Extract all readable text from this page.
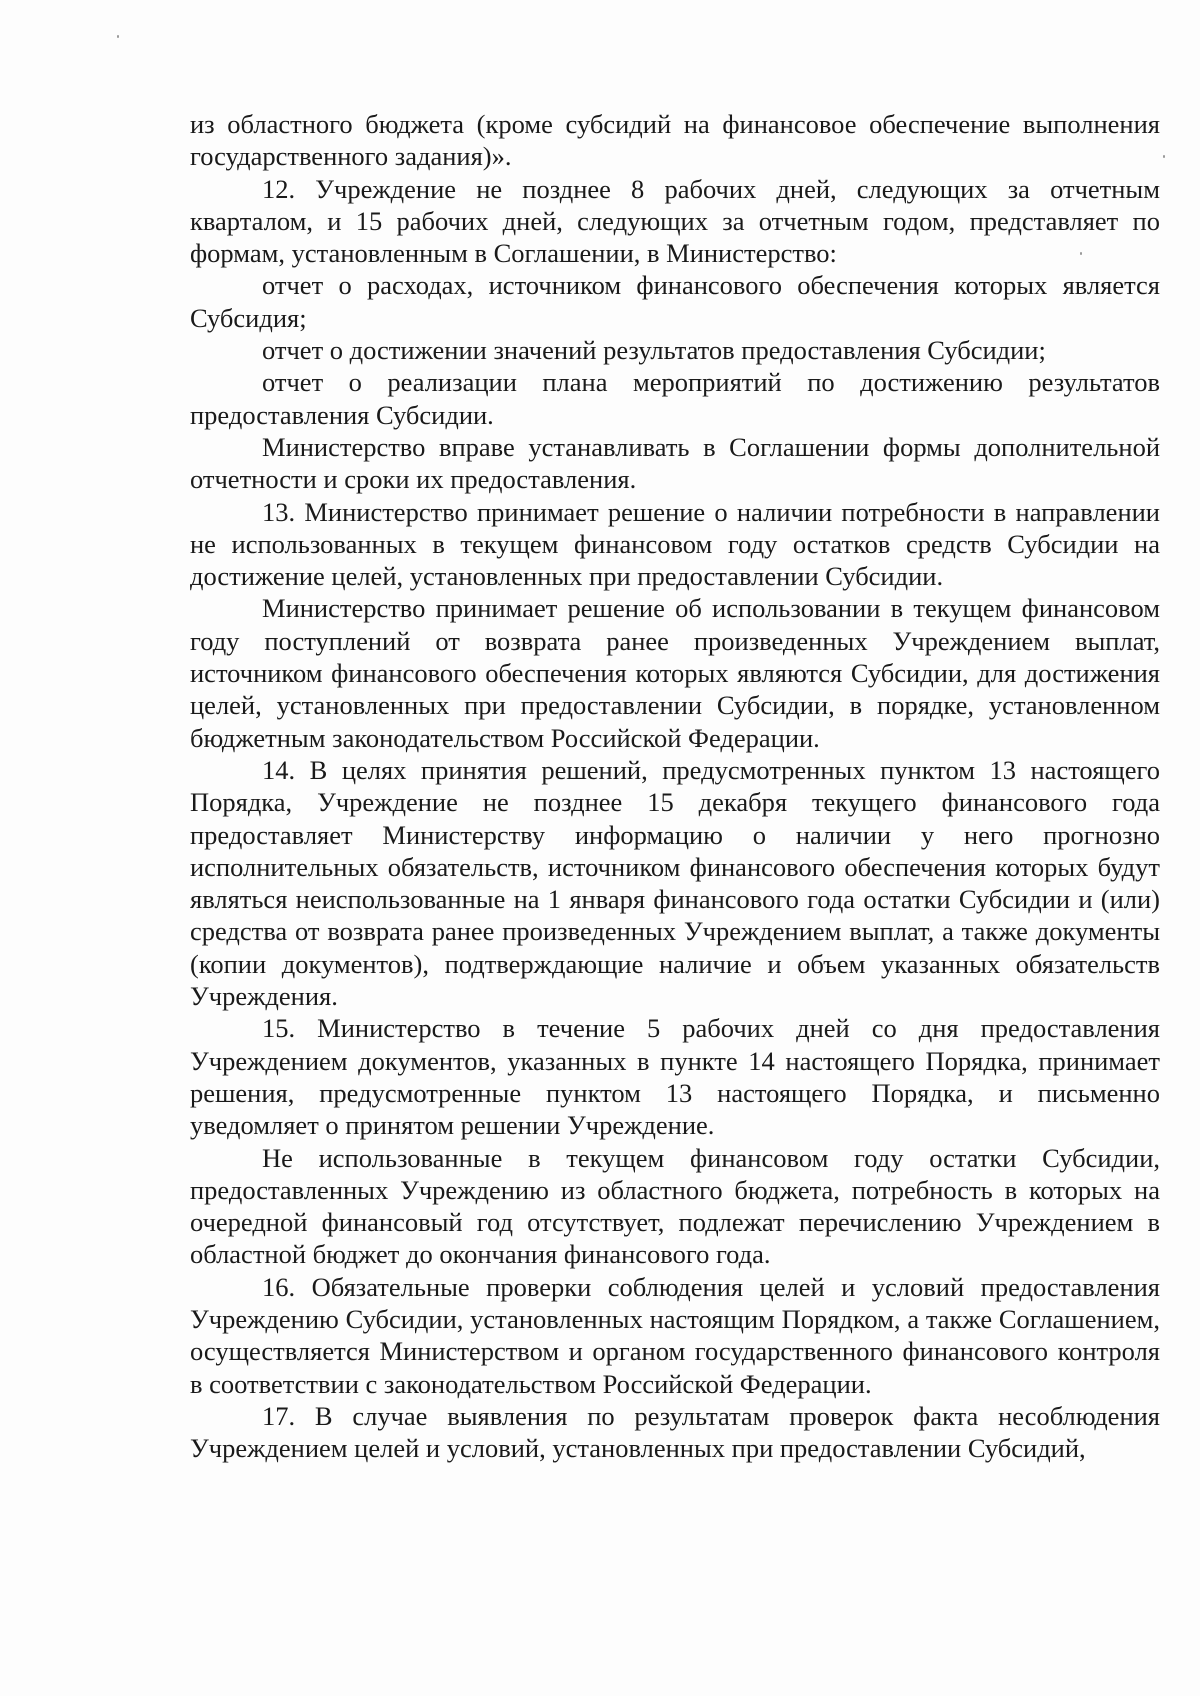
из областного бюджета (кроме субсидий на финансовое обеспечение выполнения государственного задания)».

12. Учреждение не позднее 8 рабочих дней, следующих за отчетным кварталом, и 15 рабочих дней, следующих за отчетным годом, представляет по формам, установленным в Соглашении, в Министерство:

отчет о расходах, источником финансового обеспечения которых является Субсидия;

отчет о достижении значений результатов предоставления Субсидии;

отчет о реализации плана мероприятий по достижению результатов предоставления Субсидии.

Министерство вправе устанавливать в Соглашении формы дополнительной отчетности и сроки их предоставления.

13. Министерство принимает решение о наличии потребности в направлении не использованных в текущем финансовом году остатков средств Субсидии на достижение целей, установленных при предоставлении Субсидии.

Министерство принимает решение об использовании в текущем финансовом году поступлений от возврата ранее произведенных Учреждением выплат, источником финансового обеспечения которых являются Субсидии, для достижения целей, установленных при предоставлении Субсидии, в порядке, установленном бюджетным законодательством Российской Федерации.

14. В целях принятия решений, предусмотренных пунктом 13 настоящего Порядка, Учреждение не позднее 15 декабря текущего финансового года предоставляет Министерству информацию о наличии у него прогнозно исполнительных обязательств, источником финансового обеспечения которых будут являться неиспользованные на 1 января финансового года остатки Субсидии и (или) средства от возврата ранее произведенных Учреждением выплат, а также документы (копии документов), подтверждающие наличие и объем указанных обязательств Учреждения.

15. Министерство в течение 5 рабочих дней со дня предоставления Учреждением документов, указанных в пункте 14 настоящего Порядка, принимает решения, предусмотренные пунктом 13 настоящего Порядка, и письменно уведомляет о принятом решении Учреждение.

Не использованные в текущем финансовом году остатки Субсидии, предоставленных Учреждению из областного бюджета, потребность в которых на очередной финансовый год отсутствует, подлежат перечислению Учреждением в областной бюджет до окончания финансового года.

16. Обязательные проверки соблюдения целей и условий предоставления Учреждению Субсидии, установленных настоящим Порядком, а также Соглашением, осуществляется Министерством и органом государственного финансового контроля в соответствии с законодательством Российской Федерации.

17. В случае выявления по результатам проверок факта несоблюдения Учреждением целей и условий, установленных при предоставлении Субсидий,
